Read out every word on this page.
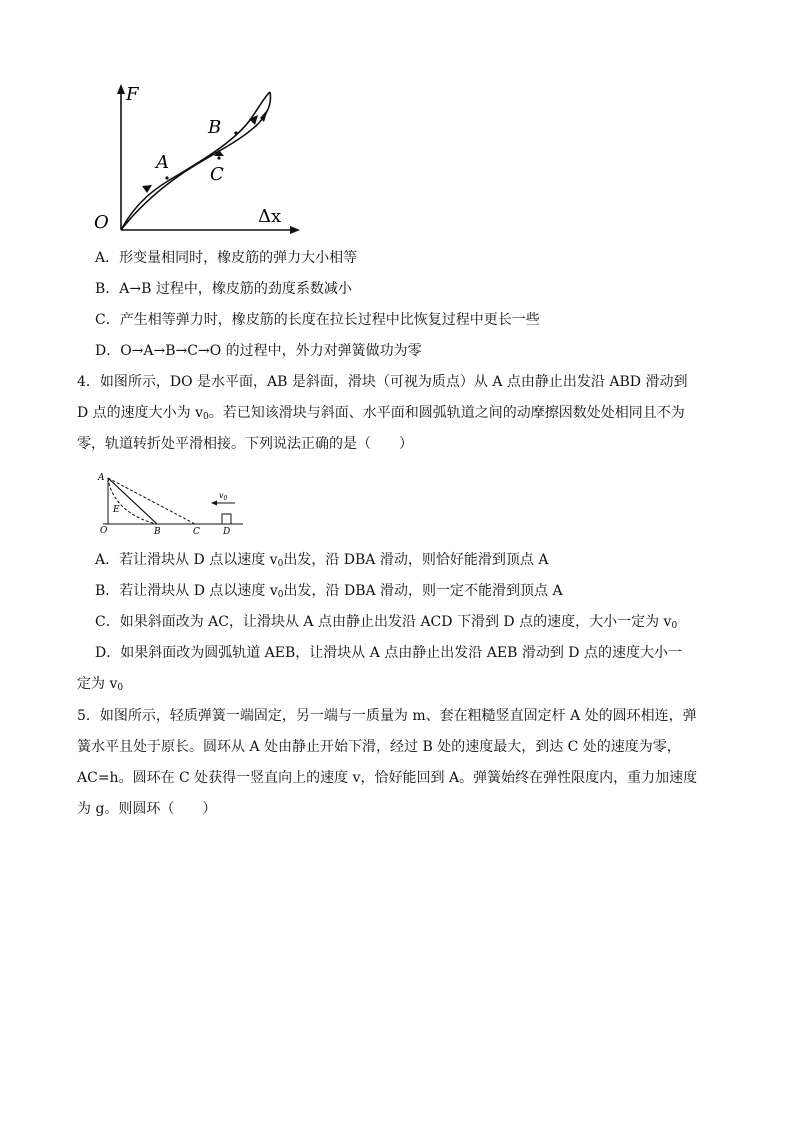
F
O	Δx
A
B
C
A．形变量相同时，橡皮筋的弹力大小相等
B．A→B 过程中，橡皮筋的劲度系数减小
C．产生相等弹力时，橡皮筋的长度在拉长过程中比恢复过程中更长一些
D．O→A→B→C→O 的过程中，外力对弹簧做功为零
4．如图所示，DO 是水平面，AB 是斜面，滑块（可视为质点）从 A 点由静止出发沿 ABD 滑动到
D 点的速度大小为 $v_0$。若已知该滑块与斜面、水平面和圆弧轨道之间的动摩擦因数处处相同且不为
零，轨道转折处平滑相接。下列说法正确的是（　　）
A
E
O	B	C	D
$v_0$
A．若让滑块从 D 点以速度 $v_0$出发，沿 DBA 滑动，则恰好能滑到顶点 A
B．若让滑块从 D 点以速度 $v_0$出发，沿 DBA 滑动，则一定不能滑到顶点 A
C．如果斜面改为 AC，让滑块从 A 点由静止出发沿 ACD 下滑到 D 点的速度，大小一定为 $v_0$
D．如果斜面改为圆弧轨道 AEB，让滑块从 A 点由静止出发沿 AEB 滑动到 D 点的速度大小一
定为 $v_0$
5．如图所示，轻质弹簧一端固定，另一端与一质量为 m、套在粗糙竖直固定杆 A 处的圆环相连，弹
簧水平且处于原长。圆环从 A 处由静止开始下滑，经过 B 处的速度最大，到达 C 处的速度为零，
AC=h。圆环在 C 处获得一竖直向上的速度 v，恰好能回到 A。弹簧始终在弹性限度内，重力加速度
为 g。则圆环（　　）
